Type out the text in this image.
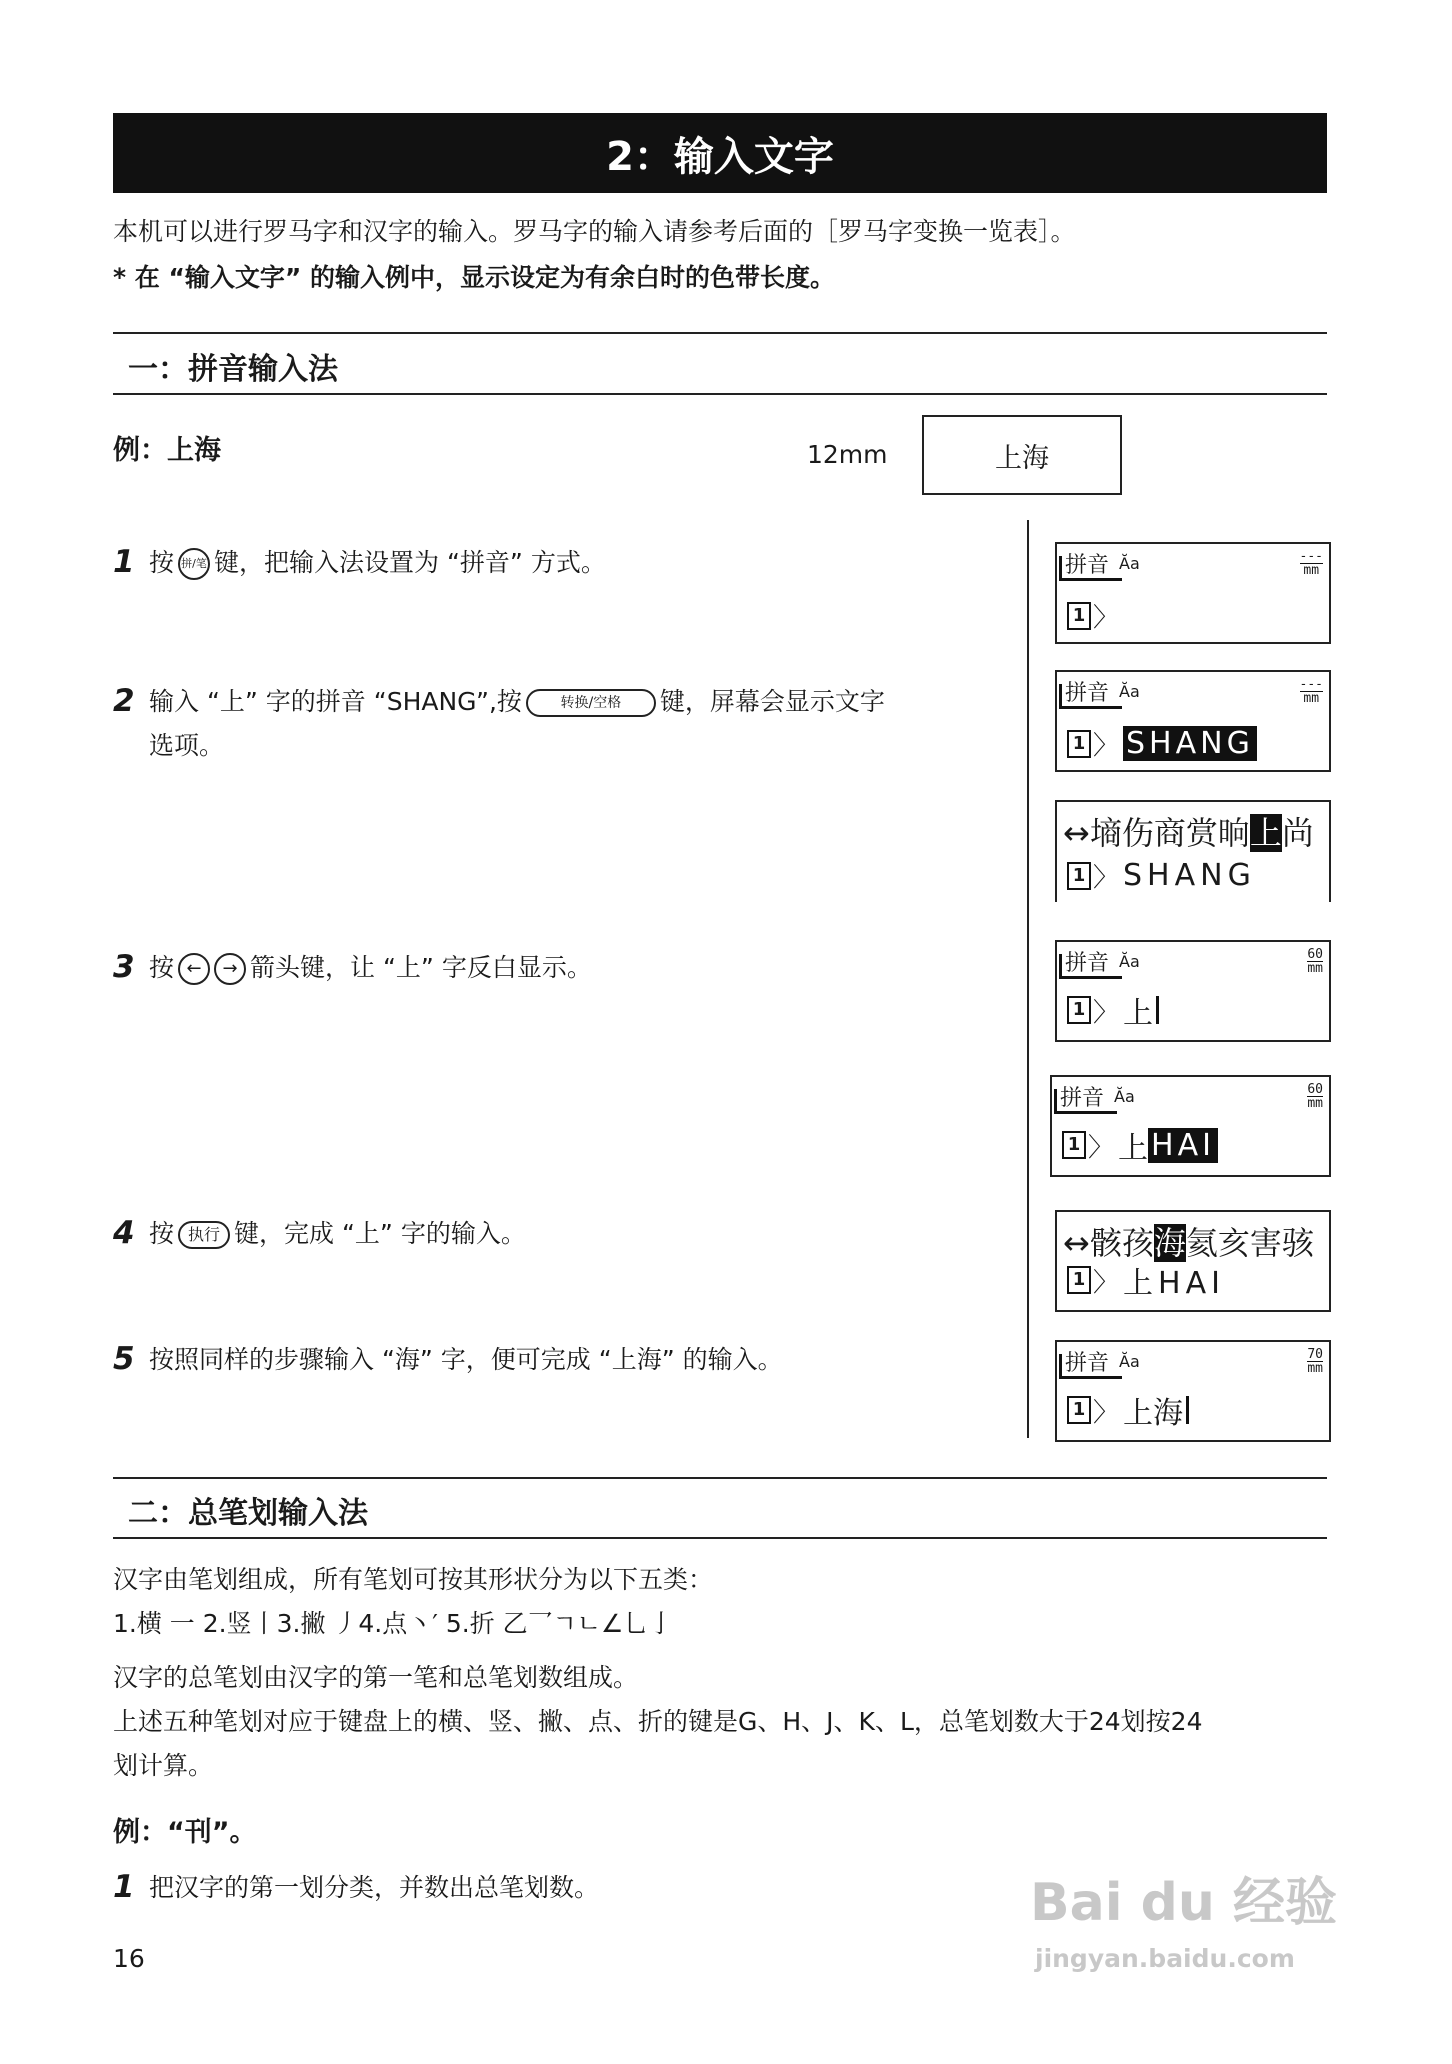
2：输入文字
本机可以进行罗马字和汉字的输入。罗马字的输入请参考后面的［罗马字变换一览表］。
* 在 “输入文字” 的输入例中，显示设定为有余白时的色带长度。
一：拼音输入法
例：上海	12mm	上海
1 按 拼/笔 键，把输入法设置为 “拼音” 方式。
2 输入 “上” 字的拼音 “SHANG”,按	转换/空格 键，屏幕会显示文字
选项。
3 按 ← → 箭头键，让 “上” 字反白显示。
4 按 执行 键，完成 “上” 字的输入。
5 按照同样的步骤输入 “海” 字，便可完成 “上海” 的输入。
拼音 Ăa	---
mm
1 〉
拼音 Ăa	---
mm
1 〉 SHANG
↔墒伤商赏晌上尚
1 〉 SHANG
拼音 Ăa	60
mm
1 〉 上
拼音 Ăa	60
mm
1 〉 上 HAI
↔骸孩海氦亥害骇
1 〉 上HAI
拼音 Ăa	70
mm
1 〉 上海
二：总笔划输入法
汉字由笔划组成，所有笔划可按其形状分为以下五类：
1.横 一 2.竖丨3.撇 丿4.点丶′ 5.折 乙乛ㄱㄴ∠乚亅
汉字的总笔划由汉字的第一笔和总笔划数组成。
上述五种笔划对应于键盘上的横、竖、撇、点、折的键是G、H、J、K、L，总笔划数大于24划按24
划计算。
例：“刊”。
1 把汉字的第一划分类，并数出总笔划数。
16
Bai du 经验
jingyan.baidu.com
